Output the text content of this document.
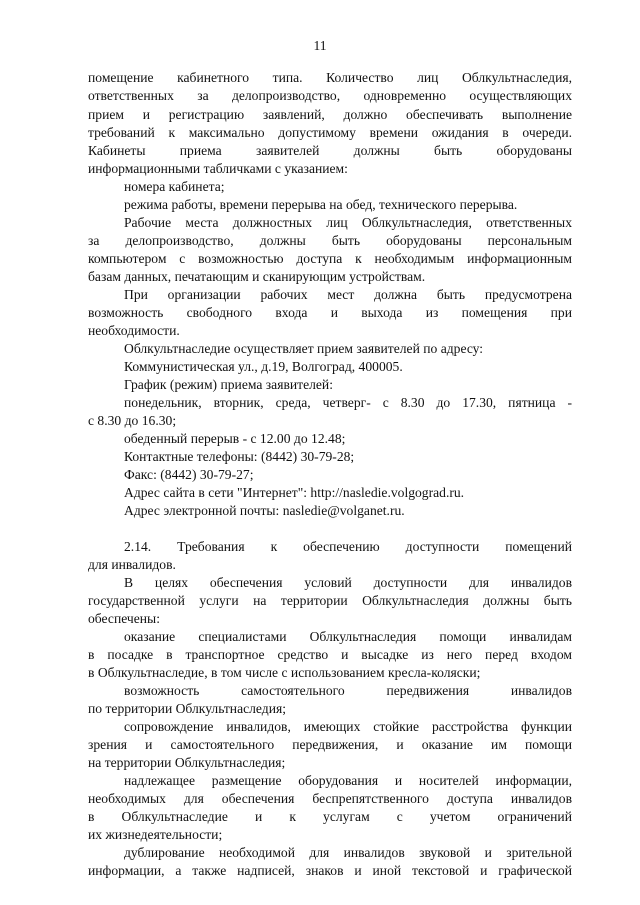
11
помещение кабинетного типа. Количество лиц Облкультнаследия,
ответственных за делопроизводство, одновременно осуществляющих
прием и регистрацию заявлений, должно обеспечивать выполнение
требований к максимально допустимому времени ожидания в очереди.
Кабинеты приема заявителей должны быть оборудованы
информационными табличками с указанием:
номера кабинета;
режима работы, времени перерыва на обед, технического перерыва.
Рабочие места должностных лиц Облкультнаследия, ответственных
за делопроизводство, должны быть оборудованы персональным
компьютером с возможностью доступа к необходимым информационным
базам данных, печатающим и сканирующим устройствам.
При организации рабочих мест должна быть предусмотрена
возможность свободного входа и выхода из помещения при
необходимости.
Облкультнаследие осуществляет прием заявителей по адресу:
Коммунистическая ул., д.19, Волгоград, 400005.
График (режим) приема заявителей:
понедельник, вторник, среда, четверг- с 8.30 до 17.30, пятница -
с 8.30 до 16.30;
обеденный перерыв - с 12.00 до 12.48;
Контактные телефоны: (8442) 30-79-28;
Факс: (8442) 30-79-27;
Адрес сайта в сети "Интернет": http://nasledie.volgograd.ru.
Адрес электронной почты: nasledie@volganet.ru.
2.14. Требования к обеспечению доступности помещений
для инвалидов.
В целях обеспечения условий доступности для инвалидов
государственной услуги на территории Облкультнаследия должны быть
обеспечены:
оказание специалистами Облкультнаследия помощи инвалидам
в посадке в транспортное средство и высадке из него перед входом
в Облкультнаследие, в том числе с использованием кресла-коляски;
возможность самостоятельного передвижения инвалидов
по территории Облкультнаследия;
сопровождение инвалидов, имеющих стойкие расстройства функции
зрения и самостоятельного передвижения, и оказание им помощи
на территории Облкультнаследия;
надлежащее размещение оборудования и носителей информации,
необходимых для обеспечения беспрепятственного доступа инвалидов
в Облкультнаследие и к услугам с учетом ограничений
их жизнедеятельности;
дублирование необходимой для инвалидов звуковой и зрительной
информации, а также надписей, знаков и иной текстовой и графической
